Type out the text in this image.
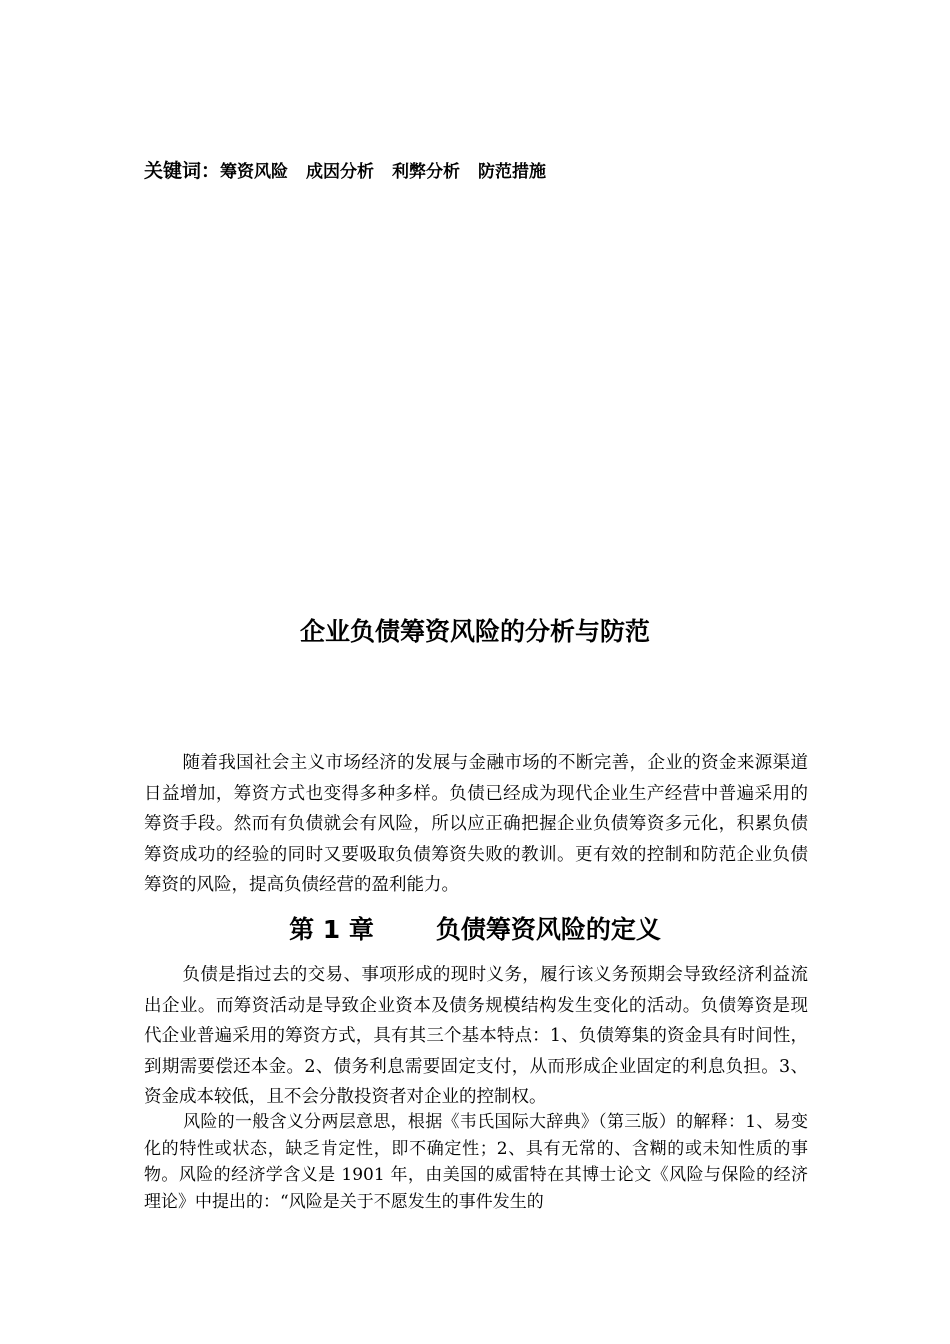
关键词：筹资风险 成因分析 利弊分析 防范措施
企业负债筹资风险的分析与防范

随着我国社会主义市场经济的发展与金融市场的不断完善，企业的资金来源渠道日益增加，筹资方式也变得多种多样。负债已经成为现代企业生产经营中普遍采用的筹资手段。然而有负债就会有风险，所以应正确把握企业负债筹资多元化，积累负债筹资成功的经验的同时又要吸取负债筹资失败的教训。更有效的控制和防范企业负债筹资的风险，提高负债经营的盈利能力。

第 1 章 负债筹资风险的定义

负债是指过去的交易、事项形成的现时义务，履行该义务预期会导致经济利益流出企业。而筹资活动是导致企业资本及债务规模结构发生变化的活动。负债筹资是现代企业普遍采用的筹资方式，具有其三个基本特点：1、负债筹集的资金具有时间性，到期需要偿还本金。2、债务利息需要固定支付，从而形成企业固定的利息负担。3、资金成本较低，且不会分散投资者对企业的控制权。

风险的一般含义分两层意思，根据《韦氏国际大辞典》（第三版）的解释：1、易变化的特性或状态，缺乏肯定性，即不确定性；2、具有无常的、含糊的或未知性质的事物。风险的经济学含义是 1901 年，由美国的威雷特在其博士论文《风险与保险的经济理论》中提出的：“风险是关于不愿发生的事件发生的
